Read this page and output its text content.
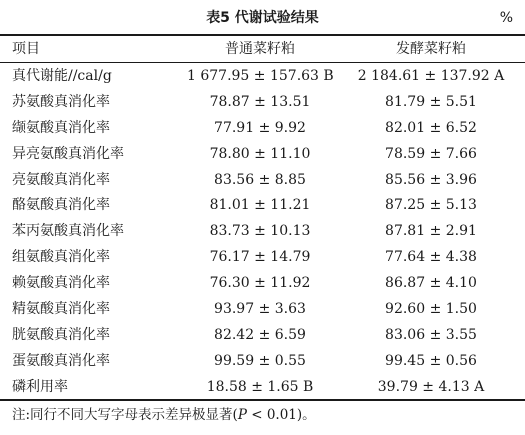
表5 代谢试验结果	%
项目	普通菜籽粕	发酵菜籽粕
真代谢能//cal/g	1 677.95 ± 157.63 B	2 184.61 ± 137.92 A
苏氨酸真消化率	78.87 ± 13.51	81.79 ± 5.51
缬氨酸真消化率	77.91 ± 9.92	82.01 ± 6.52
异亮氨酸真消化率	78.80 ± 11.10	78.59 ± 7.66
亮氨酸真消化率	83.56 ± 8.85	85.56 ± 3.96
酪氨酸真消化率	81.01 ± 11.21	87.25 ± 5.13
苯丙氨酸真消化率	83.73 ± 10.13	87.81 ± 2.91
组氨酸真消化率	76.17 ± 14.79	77.64 ± 4.38
赖氨酸真消化率	76.30 ± 11.92	86.87 ± 4.10
精氨酸真消化率	93.97 ± 3.63	92.60 ± 1.50
胱氨酸真消化率	82.42 ± 6.59	83.06 ± 3.55
蛋氨酸真消化率	99.59 ± 0.55	99.45 ± 0.56
磷利用率	18.58 ± 1.65 B	39.79 ± 4.13 A
注:同行不同大写字母表示差异极显著(P < 0.01)。
